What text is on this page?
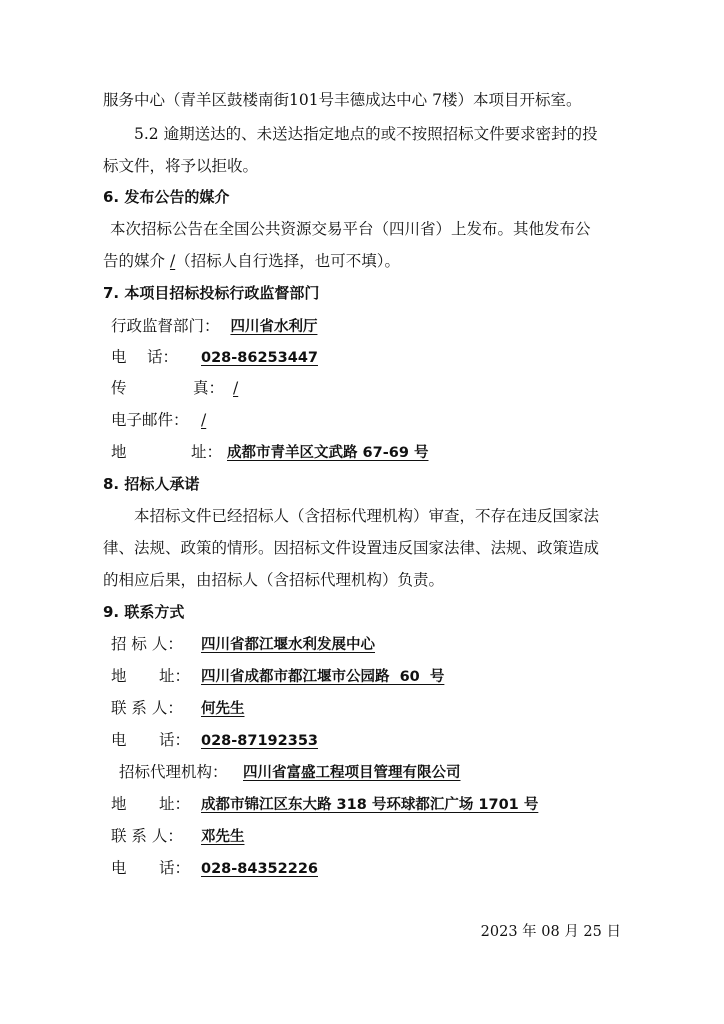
服务中心（青羊区鼓楼南街101号丰德成达中心 7楼）本项目开标室。
5.2 逾期送达的、未送达指定地点的或不按照招标文件要求密封的投
标文件，将予以拒收。
6. 发布公告的媒介
本次招标公告在全国公共资源交易平台（四川省）上发布。其他发布公
告的媒介 /（招标人自行选择，也可不填）。
7. 本项目招标投标行政监督部门
行政监督部门： 四川省水利厅
电 话： 028-86253447
传	真： /
电子邮件： /
地	址： 成都市青羊区文武路 67-69 号
8. 招标人承诺
本招标文件已经招标人（含招标代理机构）审查，不存在违反国家法
律、法规、政策的情形。因招标文件设置违反国家法律、法规、政策造成
的相应后果，由招标人（含招标代理机构）负责。
9. 联系方式
招 标 人： 四川省都江堰水利发展中心
地 址： 四川省成都市都江堰市公园路  60  号
联 系 人： 何先生
电 话： 028-87192353
招标代理机构： 四川省富盛工程项目管理有限公司
地 址： 成都市锦江区东大路 318 号环球都汇广场 1701 号
联 系 人： 邓先生
电 话： 028-84352226
2023 年 08 月 25 日
